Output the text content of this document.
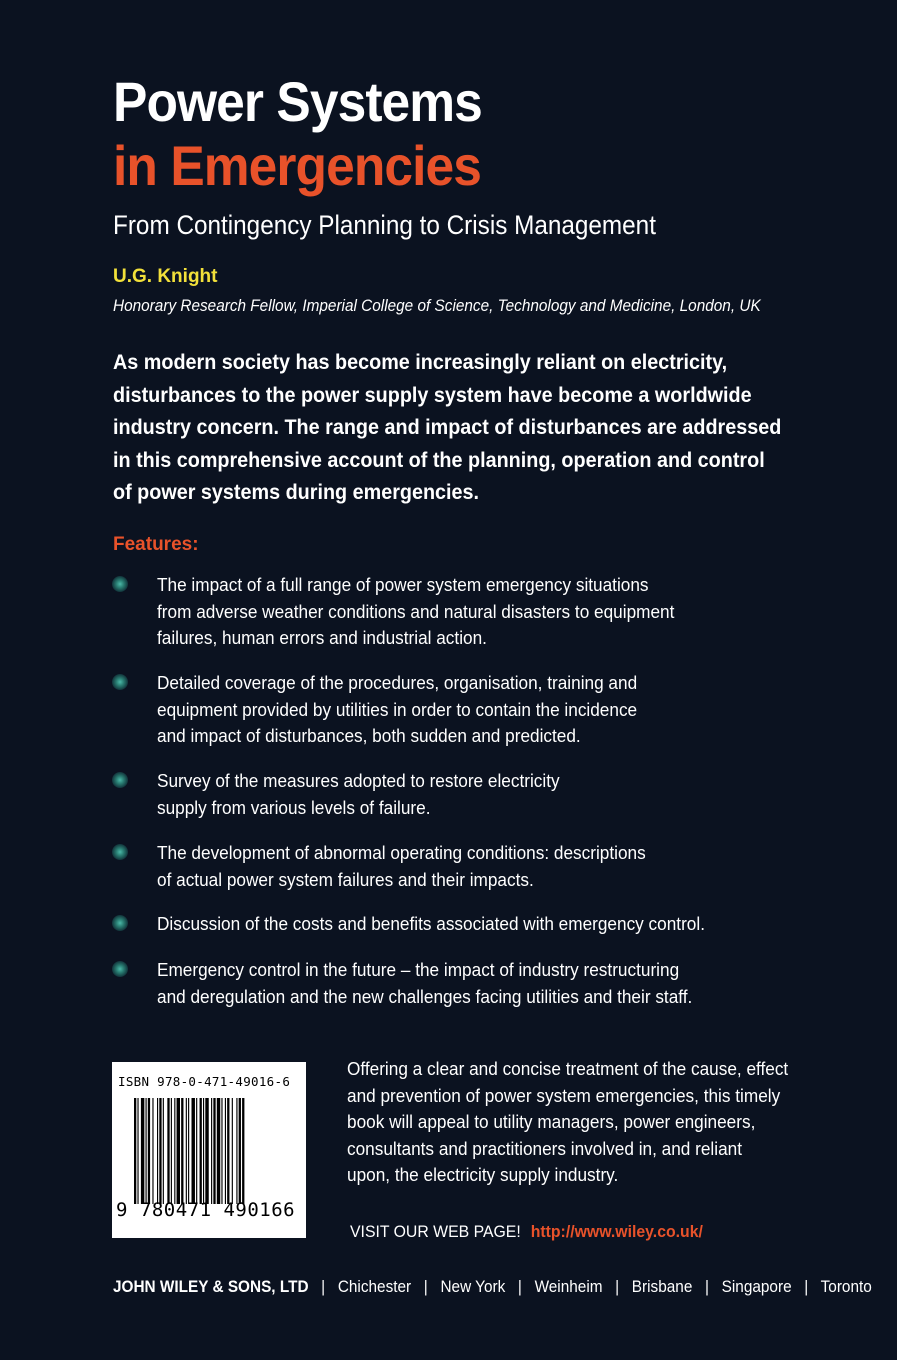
Power Systems
in Emergencies
From Contingency Planning to Crisis Management
U.G. Knight
Honorary Research Fellow, Imperial College of Science, Technology and Medicine, London, UK
As modern society has become increasingly reliant on electricity,
disturbances to the power supply system have become a worldwide
industry concern. The range and impact of disturbances are addressed
in this comprehensive account of the planning, operation and control
of power systems during emergencies.
Features:
The impact of a full range of power system emergency situations
from adverse weather conditions and natural disasters to equipment
failures, human errors and industrial action.
Detailed coverage of the procedures, organisation, training and
equipment provided by utilities in order to contain the incidence
and impact of disturbances, both sudden and predicted.
Survey of the measures adopted to restore electricity
supply from various levels of failure.
The development of abnormal operating conditions: descriptions
of actual power system failures and their impacts.
Discussion of the costs and benefits associated with emergency control.
Emergency control in the future – the impact of industry restructuring
and deregulation and the new challenges facing utilities and their staff.
ISBN 978-0-471-49016-6
9 780471 490166
Offering a clear and concise treatment of the cause, effect
and prevention of power system emergencies, this timely
book will appeal to utility managers, power engineers,
consultants and practitioners involved in, and reliant
upon, the electricity supply industry.
VISIT OUR WEB PAGE! http://www.wiley.co.uk/
JOHN WILEY & SONS, LTD | Chichester | New York | Weinheim | Brisbane | Singapore | Toronto
